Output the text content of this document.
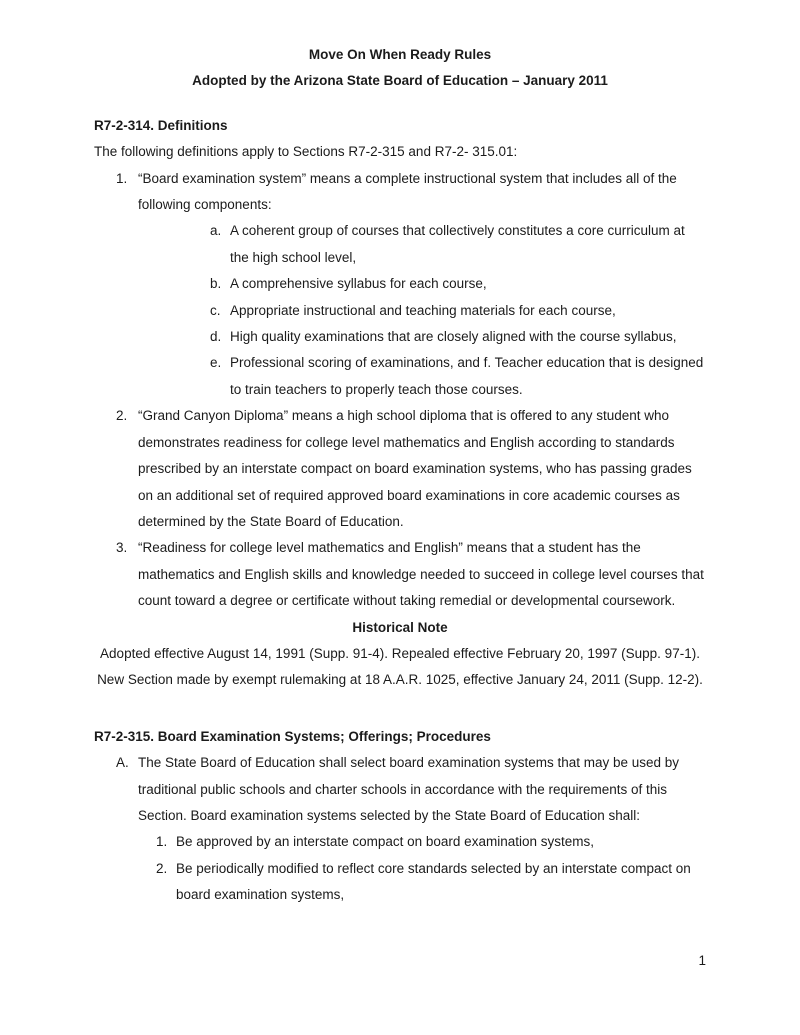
Move On When Ready Rules
Adopted by the Arizona State Board of Education – January 2011
R7-2-314. Definitions
The following definitions apply to Sections R7-2-315 and R7-2- 315.01:
1. “Board examination system” means a complete instructional system that includes all of the following components:
a. A coherent group of courses that collectively constitutes a core curriculum at the high school level,
b. A comprehensive syllabus for each course,
c. Appropriate instructional and teaching materials for each course,
d. High quality examinations that are closely aligned with the course syllabus,
e. Professional scoring of examinations, and f. Teacher education that is designed to train teachers to properly teach those courses.
2. “Grand Canyon Diploma” means a high school diploma that is offered to any student who demonstrates readiness for college level mathematics and English according to standards prescribed by an interstate compact on board examination systems, who has passing grades on an additional set of required approved board examinations in core academic courses as determined by the State Board of Education.
3. “Readiness for college level mathematics and English” means that a student has the mathematics and English skills and knowledge needed to succeed in college level courses that count toward a degree or certificate without taking remedial or developmental coursework.
Historical Note
Adopted effective August 14, 1991 (Supp. 91-4). Repealed effective February 20, 1997 (Supp. 97-1). New Section made by exempt rulemaking at 18 A.A.R. 1025, effective January 24, 2011 (Supp. 12-2).
R7-2-315. Board Examination Systems; Offerings; Procedures
A. The State Board of Education shall select board examination systems that may be used by traditional public schools and charter schools in accordance with the requirements of this Section. Board examination systems selected by the State Board of Education shall:
1. Be approved by an interstate compact on board examination systems,
2. Be periodically modified to reflect core standards selected by an interstate compact on board examination systems,
1
